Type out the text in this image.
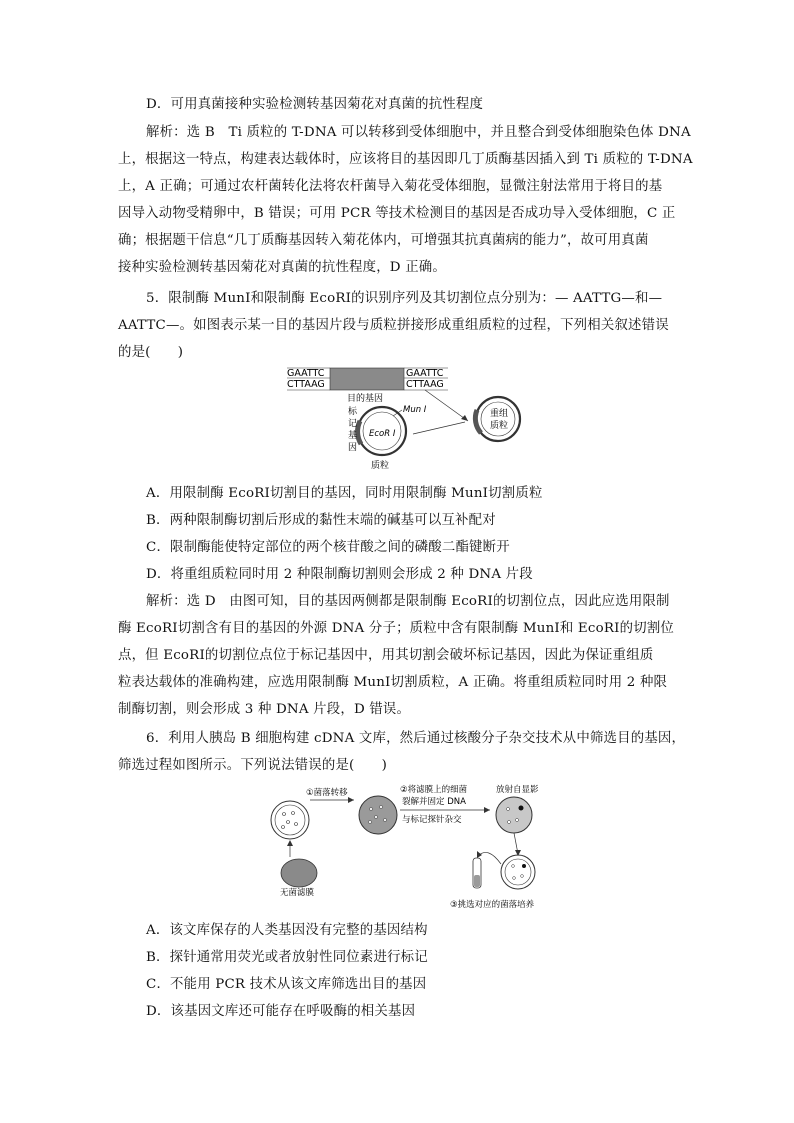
D．可用真菌接种实验检测转基因菊花对真菌的抗性程度
解析：选 B　Ti 质粒的 T-DNA 可以转移到受体细胞中，并且整合到受体细胞染色体 DNA
上，根据这一特点，构建表达载体时，应该将目的基因即几丁质酶基因插入到 Ti 质粒的 T-DNA
上，A 正确；可通过农杆菌转化法将农杆菌导入菊花受体细胞，显微注射法常用于将目的基
因导入动物受精卵中，B 错误；可用 PCR 等技术检测目的基因是否成功导入受体细胞，C 正
确；根据题干信息“几丁质酶基因转入菊花体内，可增强其抗真菌病的能力”，故可用真菌
接种实验检测转基因菊花对真菌的抗性程度，D 正确。
5．限制酶 MunⅠ和限制酶 EcoRⅠ的识别序列及其切割位点分别为：— AATTG—和—
AATTC—。如图表示某一目的基因片段与质粒拼接形成重组质粒的过程，下列相关叙述错误
的是(　　)
GAATTC
CTTAAG
GAATTC
CTTAAG
目的基因
标
记
基
因
Mun Ⅰ
EcoR Ⅰ
质粒
重组
质粒
A．用限制酶 EcoRⅠ切割目的基因，同时用限制酶 MunⅠ切割质粒
B．两种限制酶切割后形成的黏性末端的碱基可以互补配对
C．限制酶能使特定部位的两个核苷酸之间的磷酸二酯键断开
D．将重组质粒同时用 2 种限制酶切割则会形成 2 种 DNA 片段
解析：选 D　由图可知，目的基因两侧都是限制酶 EcoRⅠ的切割位点，因此应选用限制
酶 EcoRⅠ切割含有目的基因的外源 DNA 分子；质粒中含有限制酶 MunⅠ和 EcoRⅠ的切割位
点，但 EcoRⅠ的切割位点位于标记基因中，用其切割会破坏标记基因，因此为保证重组质
粒表达载体的准确构建，应选用限制酶 MunⅠ切割质粒，A 正确。将重组质粒同时用 2 种限
制酶切割，则会形成 3 种 DNA 片段，D 错误。
6．利用人胰岛 B 细胞构建 cDNA 文库，然后通过核酸分子杂交技术从中筛选目的基因，
筛选过程如图所示。下列说法错误的是(　　)
①菌落转移	②将滤膜上的细菌
裂解并固定 DNA
与标记探针杂交
放射自显影
无菌滤膜
③挑选对应的菌落培养
A．该文库保存的人类基因没有完整的基因结构
B．探针通常用荧光或者放射性同位素进行标记
C．不能用 PCR 技术从该文库筛选出目的基因
D．该基因文库还可能存在呼吸酶的相关基因
